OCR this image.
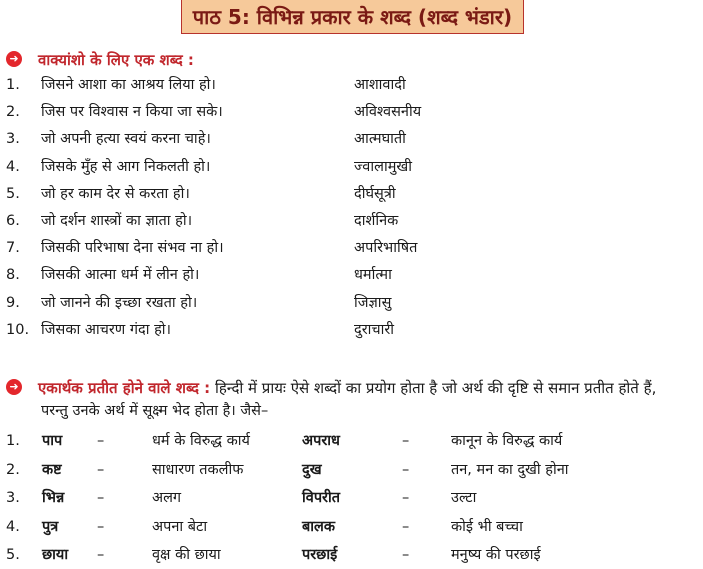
पाठ 5: विभिन्न प्रकार के शब्द (शब्द भंडार)
➜ वाक्यांशो के लिए एक शब्द :
1. जिसने आशा का आश्रय लिया हो।	आशावादी
2. जिस पर विश्वास न किया जा सके।	अविश्वसनीय
3. जो अपनी हत्या स्वयं करना चाहे।	आत्मघाती
4. जिसके मुँह से आग निकलती हो।	ज्वालामुखी
5. जो हर काम देर से करता हो।	दीर्घसूत्री
6. जो दर्शन शास्त्रों का ज्ञाता हो।	दार्शनिक
7. जिसकी परिभाषा देना संभव ना हो।	अपरिभाषित
8. जिसकी आत्मा धर्म में लीन हो।	धर्मात्मा
9. जो जानने की इच्छा रखता हो।	जिज्ञासु
10. जिसका आचरण गंदा हो।	दुराचारी
➜ एकार्थक प्रतीत होने वाले शब्द : हिन्दी में प्रायः ऐसे शब्दों का प्रयोग होता है जो अर्थ की दृष्टि से समान प्रतीत होते हैं,
परन्तु उनके अर्थ में सूक्ष्म भेद होता है। जैसे–
1. पाप –	धर्म के विरुद्ध कार्य	अपराध	–	कानून के विरुद्ध कार्य
2. कष्ट –	साधारण तकलीफ	दुख	–	तन, मन का दुखी होना
3. भिन्न –	अलग	विपरीत	–	उल्टा
4. पुत्र	–	अपना बेटा	बालक	–	कोई भी बच्चा
5. छाया –	वृक्ष की छाया	परछाई	–	मनुष्य की परछाई
